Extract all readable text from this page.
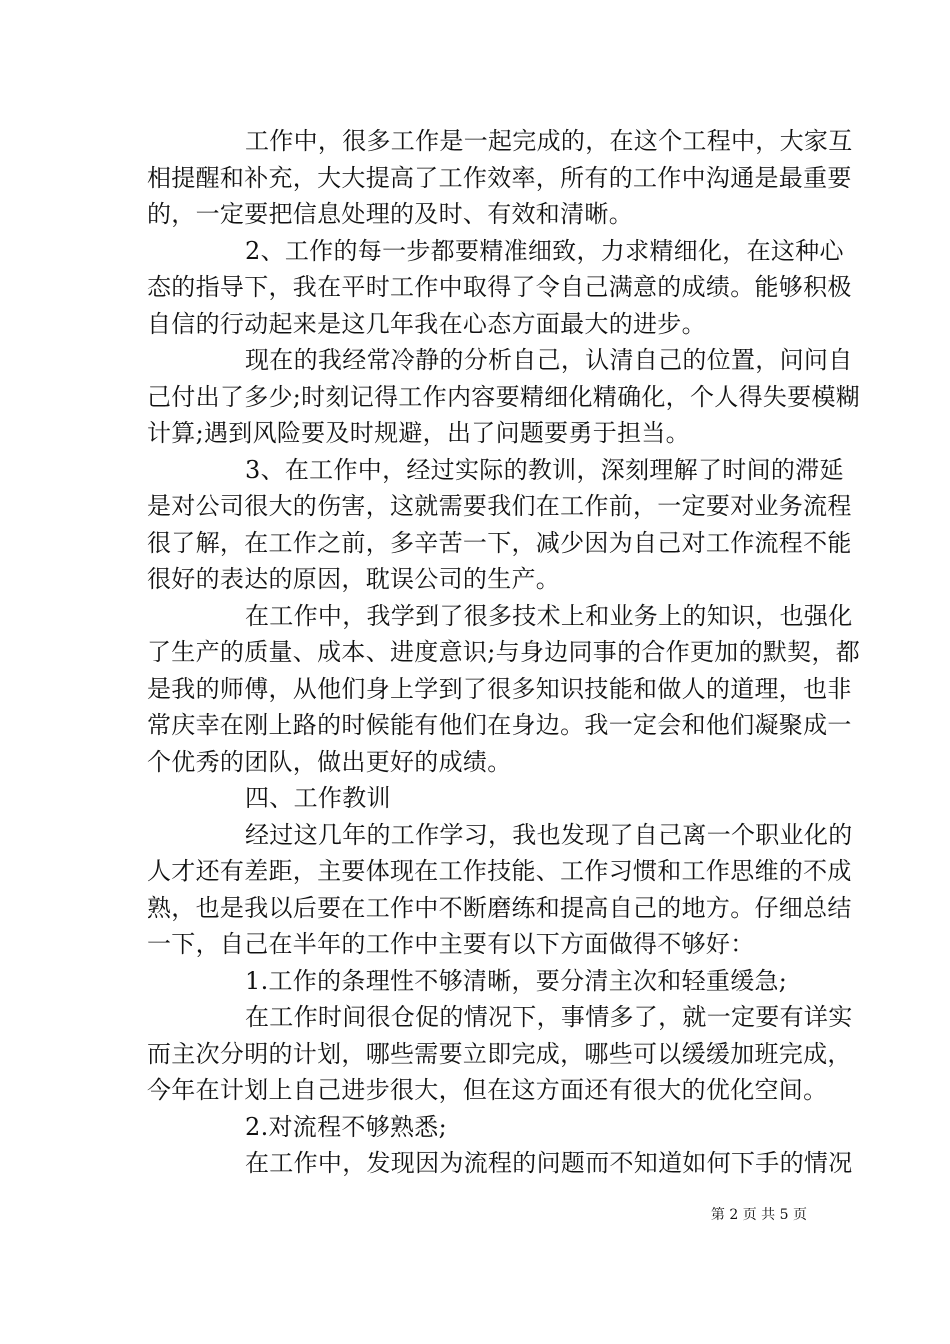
工作中，很多工作是一起完成的，在这个工程中，大家互
相提醒和补充，大大提高了工作效率，所有的工作中沟通是最重要
的，一定要把信息处理的及时、有效和清晰。
2、工作的每一步都要精准细致，力求精细化，在这种心
态的指导下，我在平时工作中取得了令自己满意的成绩。能够积极
自信的行动起来是这几年我在心态方面最大的进步。
现在的我经常冷静的分析自己，认清自己的位置，问问自
己付出了多少;时刻记得工作内容要精细化精确化，个人得失要模糊
计算;遇到风险要及时规避，出了问题要勇于担当。
3、在工作中，经过实际的教训，深刻理解了时间的滞延
是对公司很大的伤害，这就需要我们在工作前，一定要对业务流程
很了解，在工作之前，多辛苦一下，减少因为自己对工作流程不能
很好的表达的原因，耽误公司的生产。
在工作中，我学到了很多技术上和业务上的知识，也强化
了生产的质量、成本、进度意识;与身边同事的合作更加的默契，都
是我的师傅，从他们身上学到了很多知识技能和做人的道理，也非
常庆幸在刚上路的时候能有他们在身边。我一定会和他们凝聚成一
个优秀的团队，做出更好的成绩。
四、工作教训
经过这几年的工作学习，我也发现了自己离一个职业化的
人才还有差距，主要体现在工作技能、工作习惯和工作思维的不成
熟，也是我以后要在工作中不断磨练和提高自己的地方。仔细总结
一下，自己在半年的工作中主要有以下方面做得不够好：
1.工作的条理性不够清晰，要分清主次和轻重缓急;
在工作时间很仓促的情况下，事情多了，就一定要有详实
而主次分明的计划，哪些需要立即完成，哪些可以缓缓加班完成，
今年在计划上自己进步很大，但在这方面还有很大的优化空间。
2.对流程不够熟悉;
在工作中，发现因为流程的问题而不知道如何下手的情况
第 2 页 共 5 页
